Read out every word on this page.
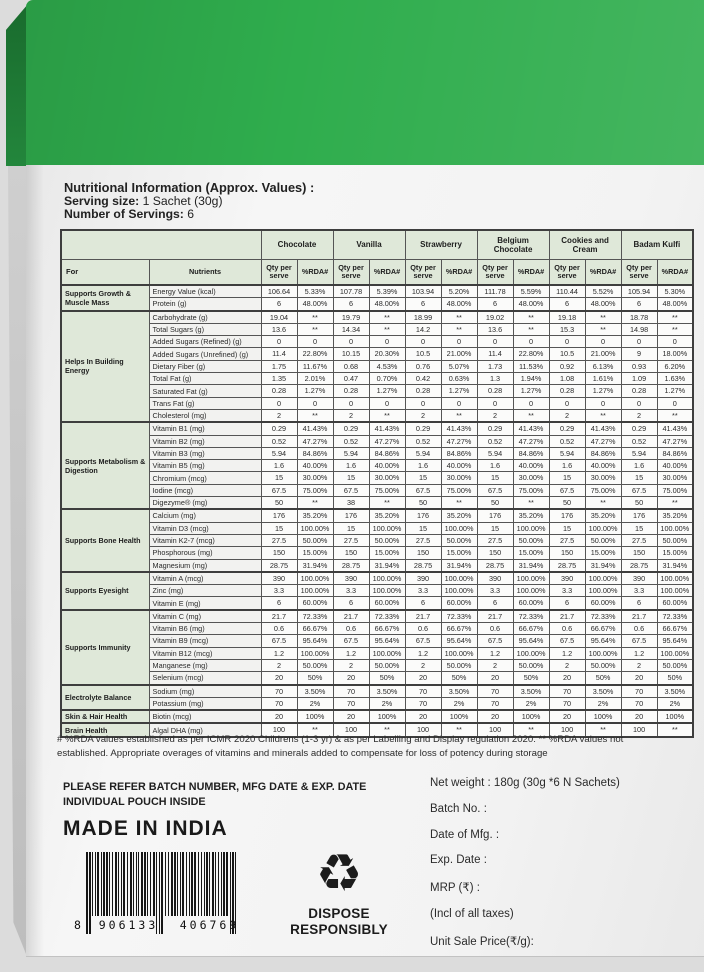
Nutritional Information (Approx. Values) :
Serving size: 1 Sachet (30g)
Number of Servings: 6
		Chocolate		Vanilla		Strawberry		Belgium Chocolate		Cookies and Cream		Badam Kulfi	
For	Nutrients	Qty per serve	%RDA#	Qty per serve	%RDA#	Qty per serve	%RDA#	Qty per serve	%RDA#	Qty per serve	%RDA#	Qty per serve	%RDA#
Supports Growth & Muscle Mass	Energy Value (kcal)	106.64	5.33%	107.78	5.39%	103.94	5.20%	111.78	5.59%	110.44	5.52%	105.94	5.30%
	Protein (g)	6	48.00%	6	48.00%	6	48.00%	6	48.00%	6	48.00%	6	48.00%
Helps In Building Energy	Carbohydrate (g)	19.04	**	19.79	**	18.99	**	19.02	**	19.18	**	18.78	**
	Total Sugars (g)	13.6	**	14.34	**	14.2	**	13.6	**	15.3	**	14.98	**
	Added Sugars (Refined) (g)	0	0	0	0	0	0	0	0	0	0	0	0
	Added Sugars (Unrefined) (g)	11.4	22.80%	10.15	20.30%	10.5	21.00%	11.4	22.80%	10.5	21.00%	9	18.00%
	Dietary Fiber (g)	1.75	11.67%	0.68	4.53%	0.76	5.07%	1.73	11.53%	0.92	6.13%	0.93	6.20%
	Total Fat (g)	1.35	2.01%	0.47	0.70%	0.42	0.63%	1.3	1.94%	1.08	1.61%	1.09	1.63%
	Saturated Fat (g)	0.28	1.27%	0.28	1.27%	0.28	1.27%	0.28	1.27%	0.28	1.27%	0.28	1.27%
	Trans Fat (g)	0	0	0	0	0	0	0	0	0	0	0	0
	Cholesterol (mg)	2	**	2	**	2	**	2	**	2	**	2	**
Supports Metabolism & Digestion	Vitamin B1 (mg)	0.29	41.43%	0.29	41.43%	0.29	41.43%	0.29	41.43%	0.29	41.43%	0.29	41.43%
	Vitamin B2 (mg)	0.52	47.27%	0.52	47.27%	0.52	47.27%	0.52	47.27%	0.52	47.27%	0.52	47.27%
	Vitamin B3 (mg)	5.94	84.86%	5.94	84.86%	5.94	84.86%	5.94	84.86%	5.94	84.86%	5.94	84.86%
	Vitamin B5 (mg)	1.6	40.00%	1.6	40.00%	1.6	40.00%	1.6	40.00%	1.6	40.00%	1.6	40.00%
	Chromium (mcg)	15	30.00%	15	30.00%	15	30.00%	15	30.00%	15	30.00%	15	30.00%
	Iodine (mcg)	67.5	75.00%	67.5	75.00%	67.5	75.00%	67.5	75.00%	67.5	75.00%	67.5	75.00%
	Digezyme® (mg)	50	**	38	**	50	**	50	**	50	**	50	**
Supports Bone Health	Calcium (mg)	176	35.20%	176	35.20%	176	35.20%	176	35.20%	176	35.20%	176	35.20%
	Vitamin D3 (mcg)	15	100.00%	15	100.00%	15	100.00%	15	100.00%	15	100.00%	15	100.00%
	Vitamin K2-7 (mcg)	27.5	50.00%	27.5	50.00%	27.5	50.00%	27.5	50.00%	27.5	50.00%	27.5	50.00%
	Phosphorous (mg)	150	15.00%	150	15.00%	150	15.00%	150	15.00%	150	15.00%	150	15.00%
	Magnesium (mg)	28.75	31.94%	28.75	31.94%	28.75	31.94%	28.75	31.94%	28.75	31.94%	28.75	31.94%
Supports Eyesight	Vitamin A (mcg)	390	100.00%	390	100.00%	390	100.00%	390	100.00%	390	100.00%	390	100.00%
	Zinc (mg)	3.3	100.00%	3.3	100.00%	3.3	100.00%	3.3	100.00%	3.3	100.00%	3.3	100.00%
	Vitamin E (mg)	6	60.00%	6	60.00%	6	60.00%	6	60.00%	6	60.00%	6	60.00%
Supports Immunity	Vitamin C (mg)	21.7	72.33%	21.7	72.33%	21.7	72.33%	21.7	72.33%	21.7	72.33%	21.7	72.33%
	Vitamin B6 (mg)	0.6	66.67%	0.6	66.67%	0.6	66.67%	0.6	66.67%	0.6	66.67%	0.6	66.67%
	Vitamin B9 (mcg)	67.5	95.64%	67.5	95.64%	67.5	95.64%	67.5	95.64%	67.5	95.64%	67.5	95.64%
	Vitamin B12 (mcg)	1.2	100.00%	1.2	100.00%	1.2	100.00%	1.2	100.00%	1.2	100.00%	1.2	100.00%
	Manganese (mg)	2	50.00%	2	50.00%	2	50.00%	2	50.00%	2	50.00%	2	50.00%
	Selenium (mcg)	20	50%	20	50%	20	50%	20	50%	20	50%	20	50%
Electrolyte Balance	Sodium (mg)	70	3.50%	70	3.50%	70	3.50%	70	3.50%	70	3.50%	70	3.50%
	Potassium (mg)	70	2%	70	2%	70	2%	70	2%	70	2%	70	2%
Skin & Hair Health	Biotin (mcg)	20	100%	20	100%	20	100%	20	100%	20	100%	20	100%
Brain Health	Algal DHA (mg)	100	**	100	**	100	**	100	**	100	**	100	**
# %RDA values established as per ICMR 2020 Childrens (1-3 yr) & as per Labelling and Display regulation 2020. ** %RDA values not established. Appropriate overages of vitamins and minerals added to compensate for loss of potency during storage
PLEASE REFER BATCH NUMBER, MFG DATE & EXP. DATE
INDIVIDUAL POUCH INSIDE
MADE IN INDIA
8	906133	406769
♻
DISPOSE
RESPONSIBLY
Net weight : 180g (30g *6 N Sachets)
Batch No. :
Date of Mfg. :
Exp. Date :
MRP (₹) :
(Incl of all taxes)
Unit Sale Price(₹/g):
